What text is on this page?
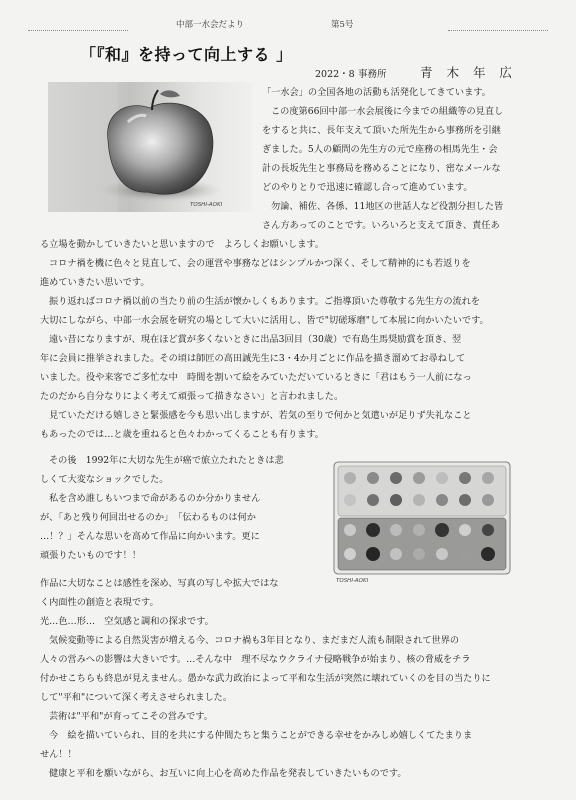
中部一水会だより	第5号
「『和』を持って向上する 」
2022・8 事務所	青 木 年 広
TOSHI-AOKI
TOSHI-AOKI
「一水会」の全国各地の活動も活発化してきています。
この度第66回中部一水会展後に今までの組織等の見直し
をすると共に、長年支えて頂いた所先生から事務所を引継
ぎました。5人の顧問の先生方の元で座務の相馬先生・会
計の長坂先生と事務局を務めることになり、密なメールな
どのやりとりで迅速に確認し合って進めています。
勿論、補佐、各係、11地区の世話人など役割分担した皆
さん方あってのことです。いろいろと支えて頂き、責任あ
る立場を動かしていきたいと思いますので　よろしくお願いします。
コロナ禍を機に色々と見直して、会の運営や事務などはシンプルかつ深く、そして精神的にも若返りを
進めていきたい思いです。
振り返ればコロナ禍以前の当たり前の生活が懐かしくもあります。ご指導頂いた尊敬する先生方の流れを
大切にしながら、中部一水会展を研究の場として大いに活用し、皆で"切磋琢磨"して本展に向かいたいです。
遠い昔になりますが、現在ほど賞が多くないときに出品3回目（30歳）で有島生馬奨励賞を頂き、翌
年に会員に推挙されました。その頃は師匠の高田誠先生に3・4か月ごとに作品を描き溜めてお尋ねして
いました。役や来客でご多忙な中　時間を割いて絵をみていただいているときに「君はもう一人前になっ
たのだから自分なりによく考えて頑張って描きなさい」と言われました。
見ていただける嬉しさと緊張感を今も思い出しますが、若気の至りで何かと気遣いが足りず失礼なこと
もあったのでは…と歳を重ねると色々わかってくることも有ります。
その後　1992年に大切な先生が癌で旅立たれたときは悲
しくて大変なショックでした。
私を含め誰しもいつまで命があるのか分かりません
が、「あと残り何回出せるのか」　「伝わるものは何か
…！？」そんな思いを高めて作品に向かいます。更に
頑張りたいものです！！
作品に大切なことは感性を深め、写真の写しや拡大ではな
く内面性の創造と表現です。
光…色…形…　空気感と調和の探求です。
気候変動等による自然災害が増える今、コロナ禍も3年目となり、まだまだ人流も制限されて世界の
人々の営みへの影響は大きいです。…そんな中　理不尽なウクライナ侵略戦争が始まり、核の脅威をチラ
付かせこちらも終息が見えません。愚かな武力政治によって平和な生活が突然に壊れていくのを目の当たりに
して"平和"について深く考えさせられました。
芸術は"平和"が育ってこその営みです。
今　絵を描いていられ、目的を共にする仲間たちと集うことができる幸せをかみしめ嬉しくてたまりま
せん！！
健康と平和を願いながら、お互いに向上心を高めた作品を発表していきたいものです。
